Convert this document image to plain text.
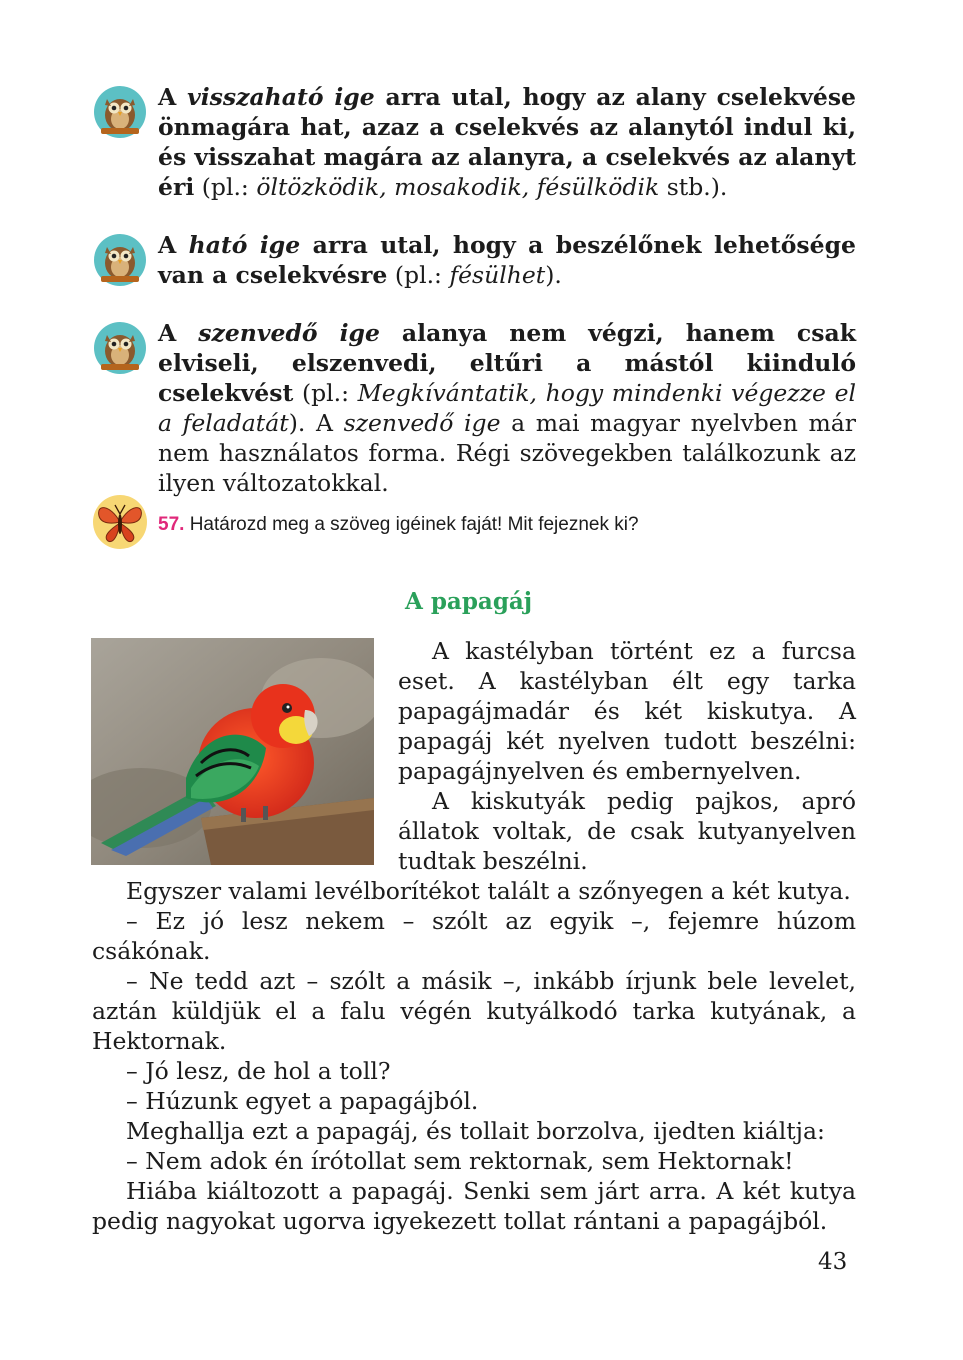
A visszaható ige arra utal, hogy az alany cselekvése önmagára hat, azaz a cselekvés az alanytól indul ki, és visszahat magára az alanyra, a cselekvés az alanyt éri (pl.: öltözködik, mosakodik, fésülködik stb.).

A ható ige arra utal, hogy a beszélőnek lehetősége van a cselekvésre (pl.: fésülhet).

A szenvedő ige alanya nem végzi, hanem csak elviseli, elszenvedi, eltűri a mástól kiinduló cselekvést (pl.: Megkívántatik, hogy mindenki végezze el a feladatát). A szenvedő ige a mai magyar nyelvben már nem használatos forma. Régi szövegekben találkozunk az ilyen változatokkal.

57. Határozd meg a szöveg igéinek faját! Mit fejeznek ki?
A papagáj

A kastélyban történt ez a furcsa eset. A kastélyban élt egy tarka papagájmadár és két kiskutya. A papagáj két nyelven tudott beszélni: papagájnyelven és embernyelven.

A kiskutyák pedig pajkos, apró állatok voltak, de csak kutyanyelven tudtak beszélni.

Egyszer valami levélborítékot talált a szőnyegen a két kutya.

– Ez jó lesz nekem – szólt az egyik –, fejemre húzom csákónak.

– Ne tedd azt – szólt a másik –, inkább írjunk bele levelet, aztán küldjük el a falu végén kutyálkodó tarka kutyának, a Hektornak.

– Jó lesz, de hol a toll?

– Húzunk egyet a papagájból.

Meghallja ezt a papagáj, és tollait borzolva, ijedten kiáltja:

– Nem adok én írótollat sem rektornak, sem Hektornak!

Hiába kiáltozott a papagáj. Senki sem járt arra. A két kutya pedig nagyokat ugorva igyekezett tollat rántani a papagájból.

43
